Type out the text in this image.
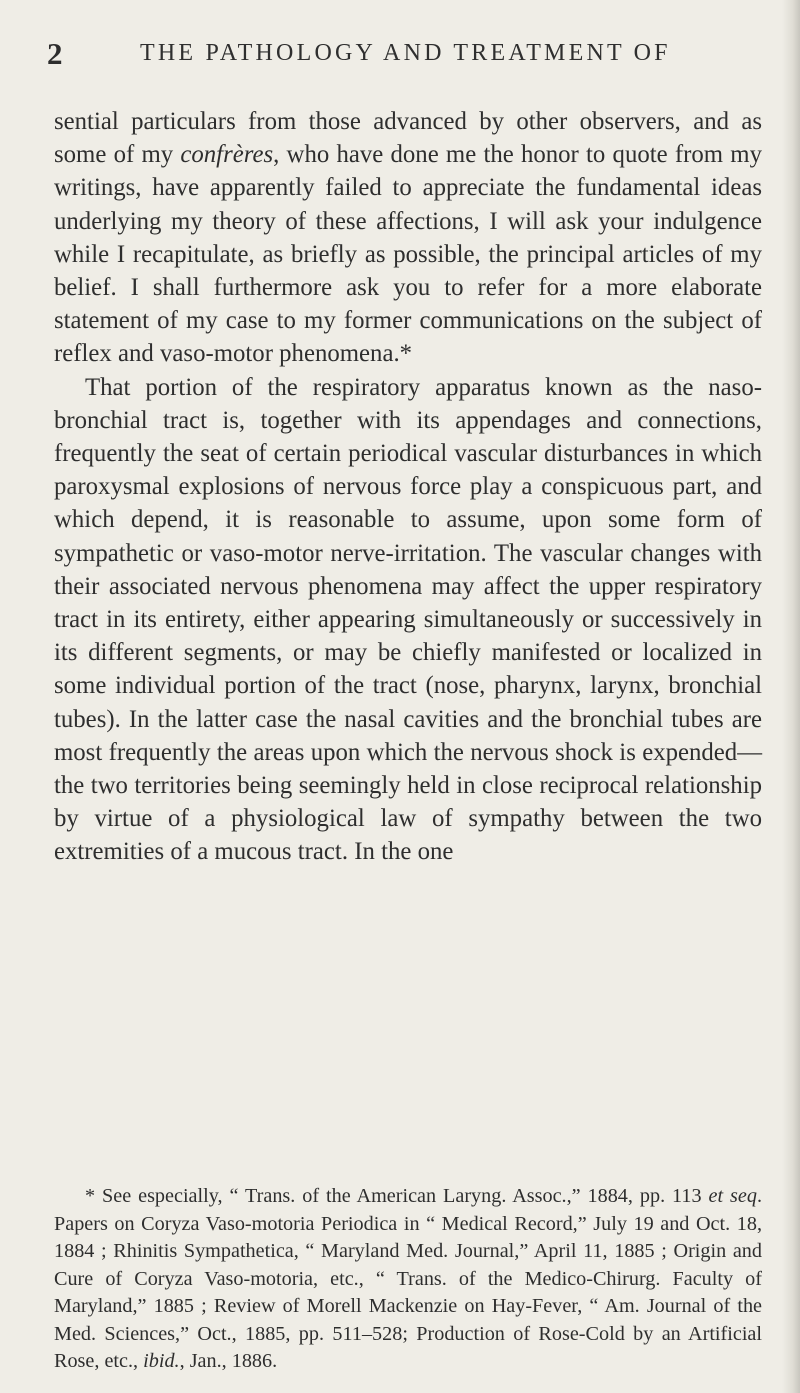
2	THE PATHOLOGY AND TREATMENT OF

sential particulars from those advanced by other observers, and as some of my confrères, who have done me the honor to quote from my writings, have apparently failed to appreciate the fundamental ideas underlying my theory of these affections, I will ask your indulgence while I recapitulate, as briefly as possible, the principal articles of my belief. I shall furthermore ask you to refer for a more elaborate statement of my case to my former communications on the subject of reflex and vaso-motor phenomena.*

That portion of the respiratory apparatus known as the naso-bronchial tract is, together with its appendages and connections, frequently the seat of certain periodical vascular disturbances in which paroxysmal explosions of nervous force play a conspicuous part, and which depend, it is reasonable to assume, upon some form of sympathetic or vaso-motor nerve-irritation. The vascular changes with their associated nervous phenomena may affect the upper respiratory tract in its entirety, either appearing simultaneously or successively in its different segments, or may be chiefly manifested or localized in some individual portion of the tract (nose, pharynx, larynx, bronchial tubes). In the latter case the nasal cavities and the bronchial tubes are most frequently the areas upon which the nervous shock is expended—the two territories being seemingly held in close reciprocal relationship by virtue of a physiological law of sympathy between the two extremities of a mucous tract. In the one

* See especially, “ Trans. of the American Laryng. Assoc.,” 1884, pp. 113 et seq. Papers on Coryza Vaso-motoria Periodica in “ Medical Record,” July 19 and Oct. 18, 1884 ; Rhinitis Sympathetica, “ Maryland Med. Journal,” April 11, 1885 ; Origin and Cure of Coryza Vaso-motoria, etc., “ Trans. of the Medico-Chirurg. Faculty of Maryland,” 1885 ; Review of Morell Mackenzie on Hay-Fever, “ Am. Journal of the Med. Sciences,” Oct., 1885, pp. 511–528; Production of Rose-Cold by an Artificial Rose, etc., ibid., Jan., 1886.
